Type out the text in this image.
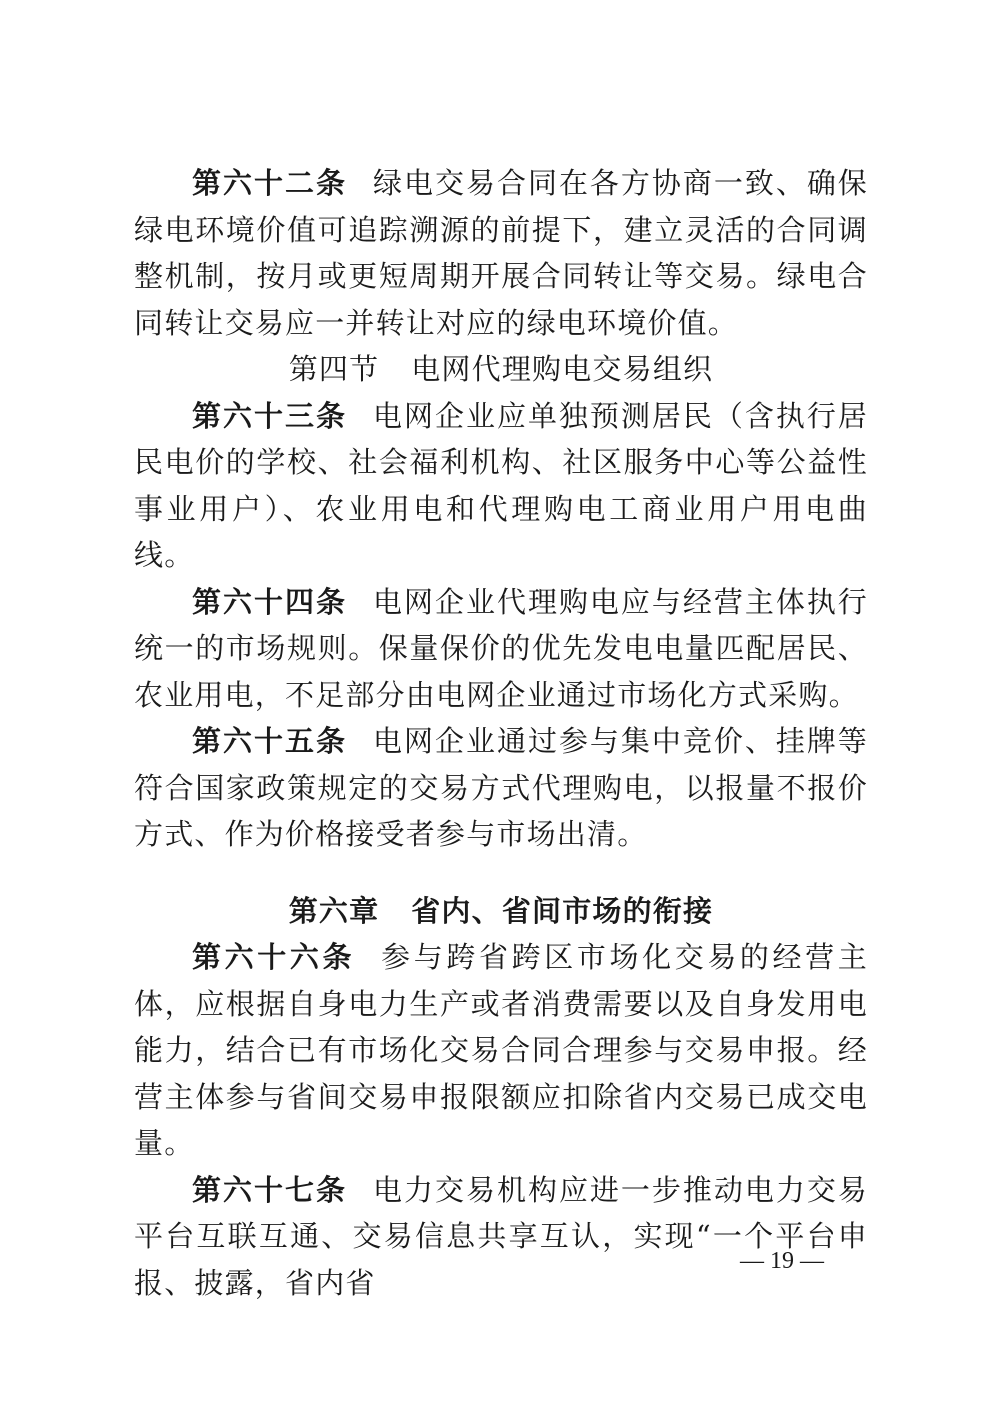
第六十二条 绿电交易合同在各方协商一致、确保绿电环境价值可追踪溯源的前提下，建立灵活的合同调整机制，按月或更短周期开展合同转让等交易。绿电合同转让交易应一并转让对应的绿电环境价值。

第四节 电网代理购电交易组织

第六十三条 电网企业应单独预测居民（含执行居民电价的学校、社会福利机构、社区服务中心等公益性事业用户）、农业用电和代理购电工商业用户用电曲线。

第六十四条 电网企业代理购电应与经营主体执行统一的市场规则。保量保价的优先发电电量匹配居民、农业用电，不足部分由电网企业通过市场化方式采购。

第六十五条 电网企业通过参与集中竞价、挂牌等符合国家政策规定的交易方式代理购电，以报量不报价方式、作为价格接受者参与市场出清。

第六章 省内、省间市场的衔接

第六十六条 参与跨省跨区市场化交易的经营主体，应根据自身电力生产或者消费需要以及自身发用电能力，结合已有市场化交易合同合理参与交易申报。经营主体参与省间交易申报限额应扣除省内交易已成交电量。

第六十七条 电力交易机构应进一步推动电力交易平台互联互通、交易信息共享互认，实现“一个平台申报、披露，省内省

— 19 —
